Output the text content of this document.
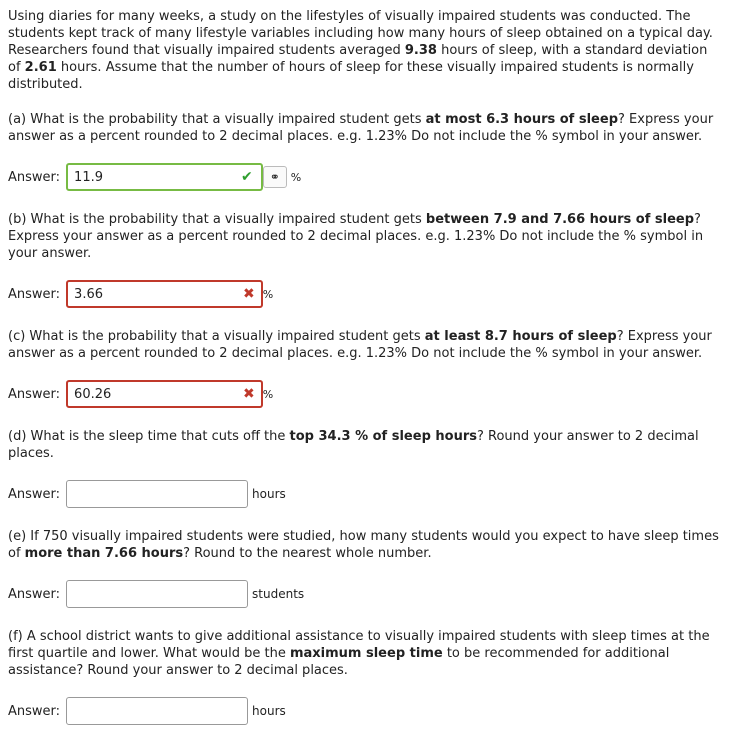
Using diaries for many weeks, a study on the lifestyles of visually impaired students was conducted. The students kept track of many lifestyle variables including how many hours of sleep obtained on a typical day. Researchers found that visually impaired students averaged 9.38 hours of sleep, with a standard deviation of 2.61 hours. Assume that the number of hours of sleep for these visually impaired students is normally distributed.
(a) What is the probability that a visually impaired student gets at most 6.3 hours of sleep? Express your answer as a percent rounded to 2 decimal places. e.g. 1.23% Do not include the % symbol in your answer.
Answer:	11.9	✔	⚭ %
(b) What is the probability that a visually impaired student gets between 7.9 and 7.66 hours of sleep? Express your answer as a percent rounded to 2 decimal places. e.g. 1.23% Do not include the % symbol in your answer.
Answer:	3.66	✖ %
(c) What is the probability that a visually impaired student gets at least 8.7 hours of sleep? Express your answer as a percent rounded to 2 decimal places. e.g. 1.23% Do not include the % symbol in your answer.
Answer:	60.26	✖ %
(d) What is the sleep time that cuts off the top 34.3 % of sleep hours? Round your answer to 2 decimal places.
Answer:	hours
(e) If 750 visually impaired students were studied, how many students would you expect to have sleep times of more than 7.66 hours? Round to the nearest whole number.
Answer:	students
(f) A school district wants to give additional assistance to visually impaired students with sleep times at the first quartile and lower. What would be the maximum sleep time to be recommended for additional assistance? Round your answer to 2 decimal places.
Answer:	hours
